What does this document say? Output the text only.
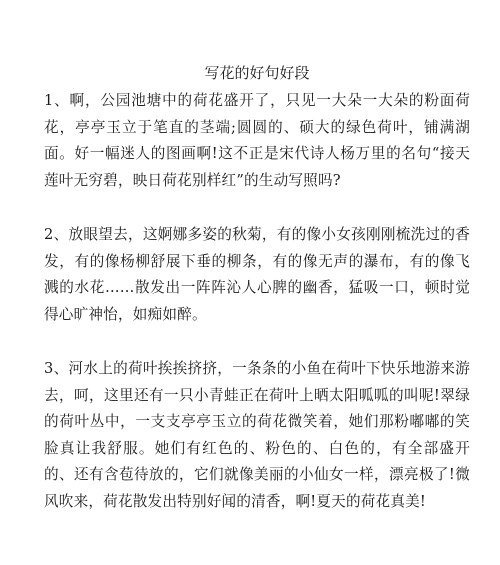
写花的好句好段

1、啊，公园池塘中的荷花盛开了，只见一大朵一大朵的粉面荷花，亭亭玉立于笔直的茎端;圆圆的、硕大的绿色荷叶，铺满湖面。好一幅迷人的图画啊!这不正是宋代诗人杨万里的名句“接天莲叶无穷碧，映日荷花别样红”的生动写照吗?

2、放眼望去，这婀娜多姿的秋菊，有的像小女孩刚刚梳洗过的香发，有的像杨柳舒展下垂的柳条，有的像无声的瀑布，有的像飞溅的水花……散发出一阵阵沁人心脾的幽香，猛吸一口，顿时觉得心旷神怡，如痴如醉。

3、河水上的荷叶挨挨挤挤，一条条的小鱼在荷叶下快乐地游来游去，呵，这里还有一只小青蛙正在荷叶上晒太阳呱呱的叫呢!翠绿的荷叶丛中，一支支亭亭玉立的荷花微笑着，她们那粉嘟嘟的笑脸真让我舒服。她们有红色的、粉色的、白色的，有全部盛开的、还有含苞待放的，它们就像美丽的小仙女一样，漂亮极了!微风吹来，荷花散发出特别好闻的清香，啊!夏天的荷花真美!
